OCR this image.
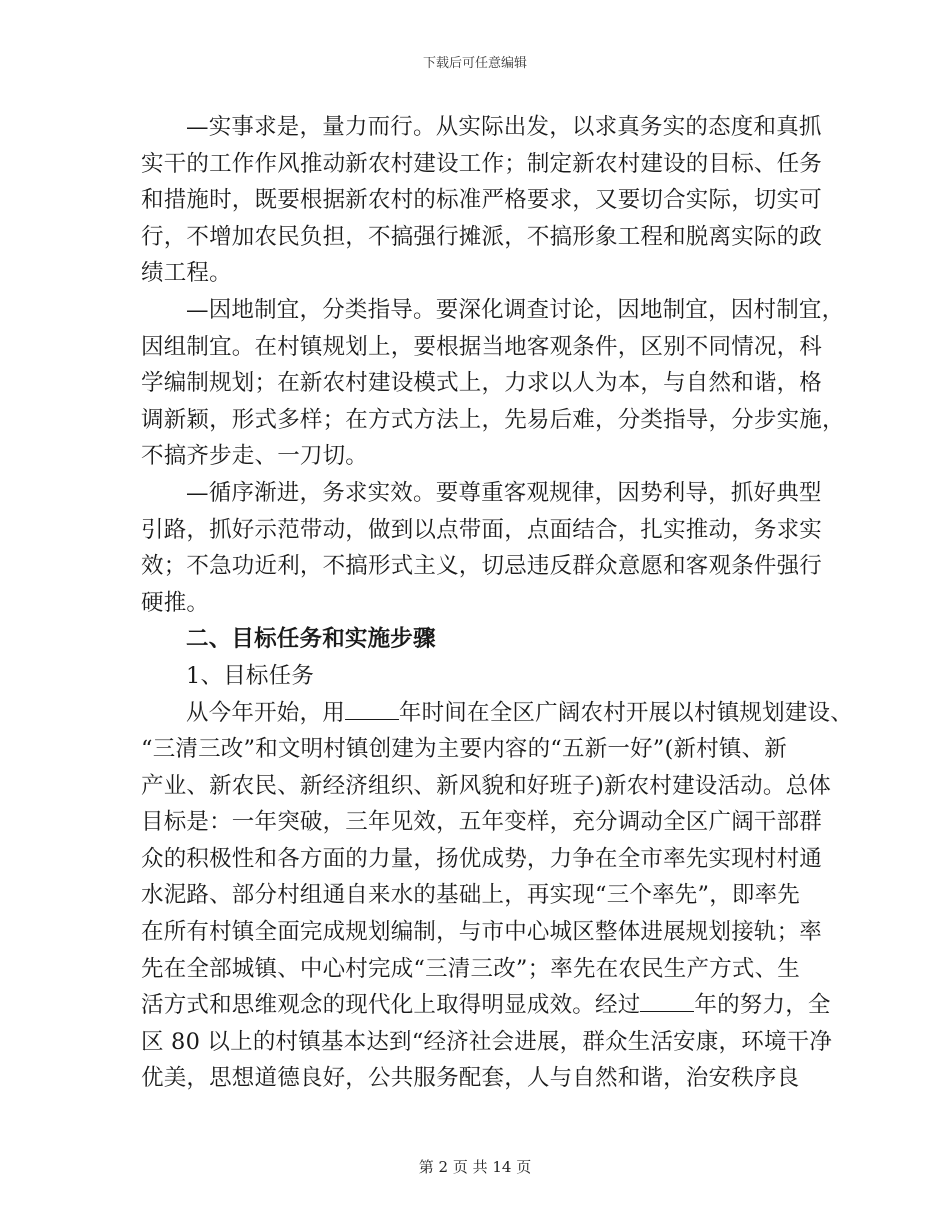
下载后可任意编辑
—实事求是，量力而行。从实际出发，以求真务实的态度和真抓
实干的工作作风推动新农村建设工作；制定新农村建设的目标、任务
和措施时，既要根据新农村的标准严格要求，又要切合实际，切实可
行，不增加农民负担，不搞强行摊派，不搞形象工程和脱离实际的政
绩工程。
—因地制宜，分类指导。要深化调查讨论，因地制宜，因村制宜，
因组制宜。在村镇规划上，要根据当地客观条件，区别不同情况，科
学编制规划；在新农村建设模式上，力求以人为本，与自然和谐，格
调新颖，形式多样；在方式方法上，先易后难，分类指导，分步实施，
不搞齐步走、一刀切。
—循序渐进，务求实效。要尊重客观规律，因势利导，抓好典型
引路，抓好示范带动，做到以点带面，点面结合，扎实推动，务求实
效；不急功近利，不搞形式主义，切忌违反群众意愿和客观条件强行
硬推。
二、目标任务和实施步骤
1、目标任务
从今年开始，用 年时间在全区广阔农村开展以村镇规划建设、
“三清三改”和文明村镇创建为主要内容的“五新一好”(新村镇、新
产业、新农民、新经济组织、新风貌和好班子)新农村建设活动。总体
目标是：一年突破，三年见效，五年变样，充分调动全区广阔干部群
众的积极性和各方面的力量，扬优成势，力争在全市率先实现村村通
水泥路、部分村组通自来水的基础上，再实现“三个率先”，即率先
在所有村镇全面完成规划编制，与市中心城区整体进展规划接轨；率
先在全部城镇、中心村完成“三清三改”；率先在农民生产方式、生
活方式和思维观念的现代化上取得明显成效。经过 年的努力，全
区 80 以上的村镇基本达到“经济社会进展，群众生活安康，环境干净
优美，思想道德良好，公共服务配套，人与自然和谐，治安秩序良
第 2 页 共 14 页
